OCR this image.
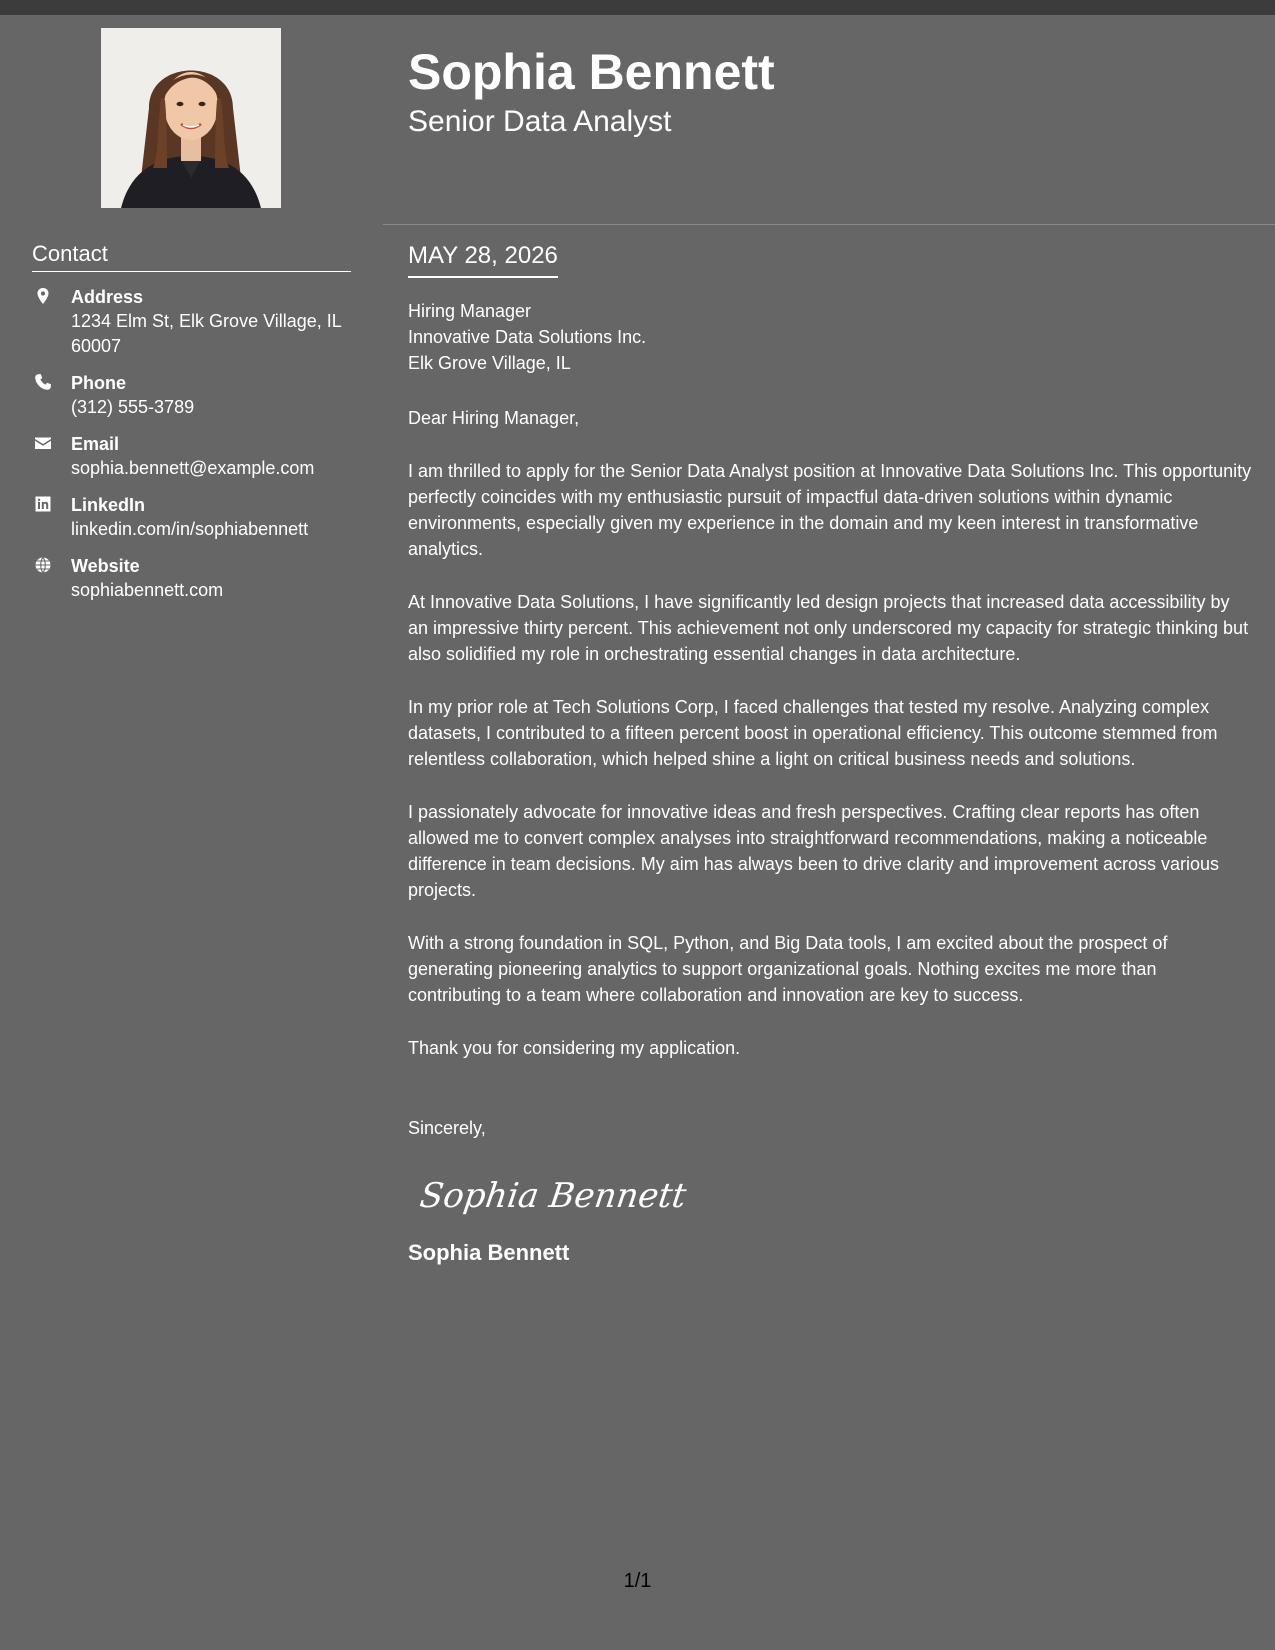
Contact
Address
1234 Elm St, Elk Grove Village, IL 60007
Phone
(312) 555-3789
Email
sophia.bennett@example.com
LinkedIn
linkedin.com/in/sophiabennett
Website
sophiabennett.com
Sophia Bennett
Senior Data Analyst
MAY 28, 2026
Hiring Manager
Innovative Data Solutions Inc.
Elk Grove Village, IL
Dear Hiring Manager,

I am thrilled to apply for the Senior Data Analyst position at Innovative Data Solutions Inc. This opportunity perfectly coincides with my enthusiastic pursuit of impactful data-driven solutions within dynamic environments, especially given my experience in the domain and my keen interest in transformative analytics.

At Innovative Data Solutions, I have significantly led design projects that increased data accessibility by an impressive thirty percent. This achievement not only underscored my capacity for strategic thinking but also solidified my role in orchestrating essential changes in data architecture.

In my prior role at Tech Solutions Corp, I faced challenges that tested my resolve. Analyzing complex datasets, I contributed to a fifteen percent boost in operational efficiency. This outcome stemmed from relentless collaboration, which helped shine a light on critical business needs and solutions.

I passionately advocate for innovative ideas and fresh perspectives. Crafting clear reports has often allowed me to convert complex analyses into straightforward recommendations, making a noticeable difference in team decisions. My aim has always been to drive clarity and improvement across various projects.

With a strong foundation in SQL, Python, and Big Data tools, I am excited about the prospect of generating pioneering analytics to support organizational goals. Nothing excites me more than contributing to a team where collaboration and innovation are key to success.

Thank you for considering my application.
Sincerely,
Sophia Bennett
Sophia Bennett
1/1
